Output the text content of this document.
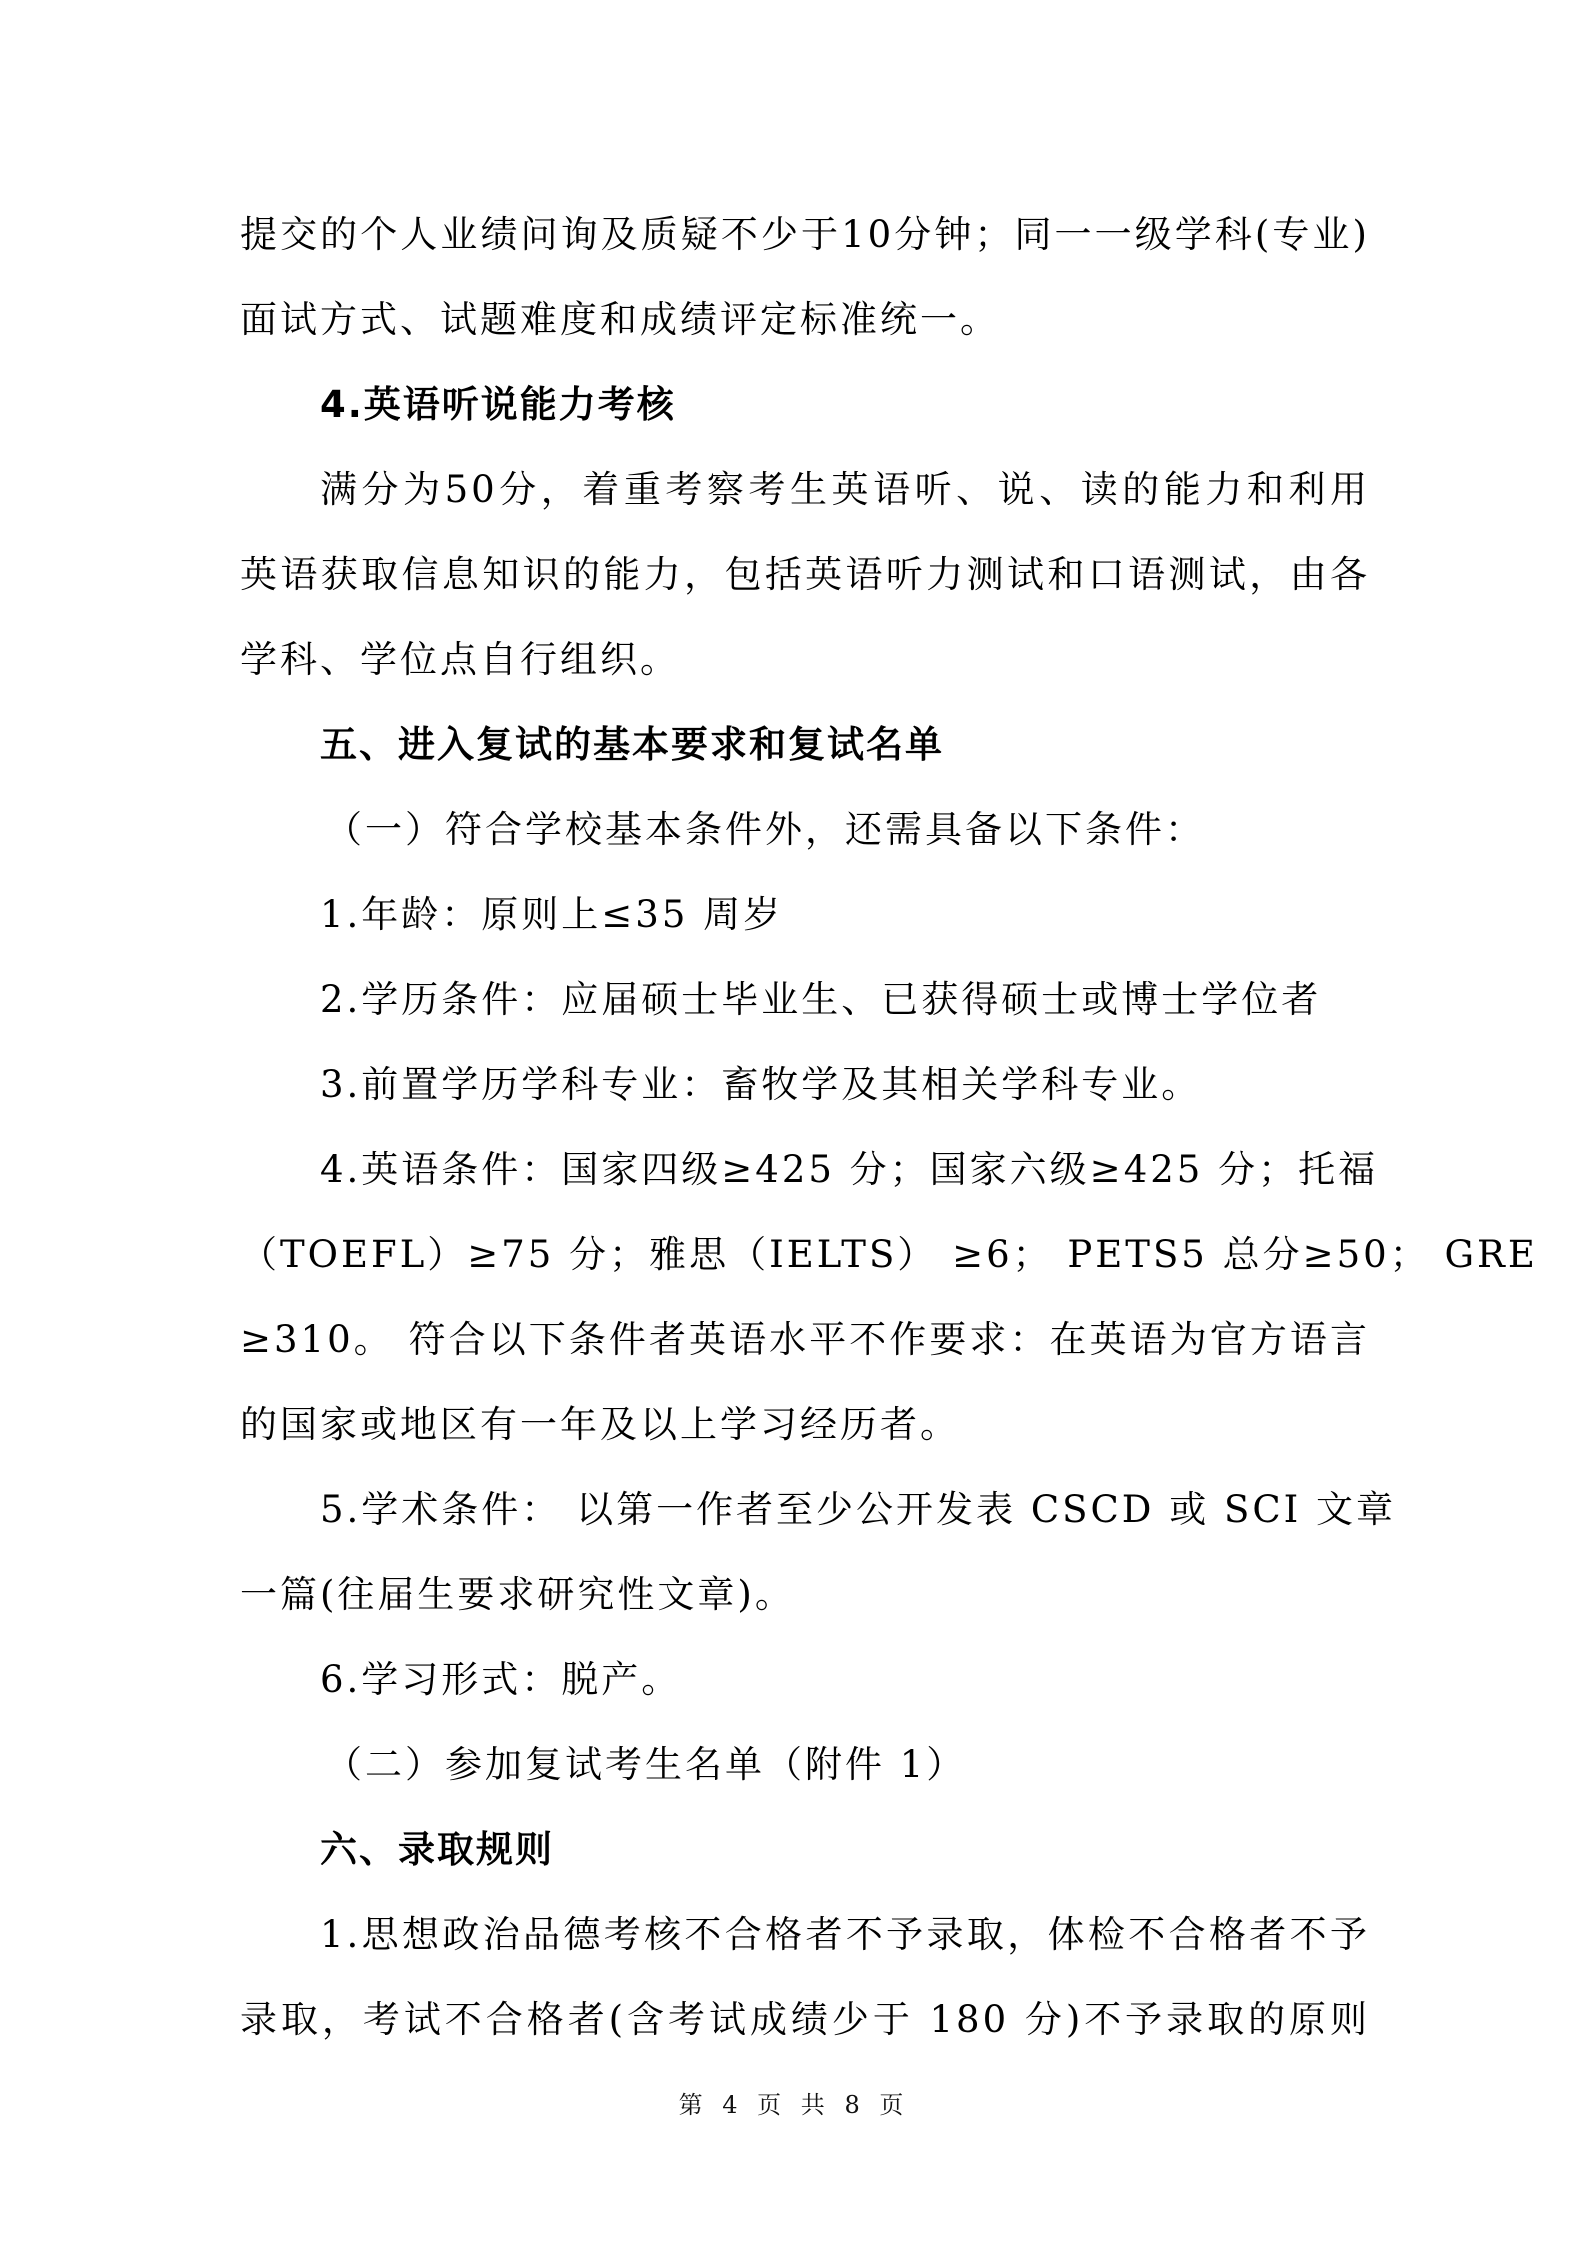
提交的个人业绩问询及质疑不少于10分钟；同一一级学科(专业)
面试方式、试题难度和成绩评定标准统一。
4.英语听说能力考核
满分为50分，着重考察考生英语听、说、读的能力和利用
英语获取信息知识的能力，包括英语听力测试和口语测试，由各
学科、学位点自行组织。
五、进入复试的基本要求和复试名单
（一）符合学校基本条件外，还需具备以下条件：
1.年龄：原则上≤35 周岁
2.学历条件：应届硕士毕业生、已获得硕士或博士学位者
3.前置学历学科专业：畜牧学及其相关学科专业。
4.英语条件：国家四级≥425 分；国家六级≥425 分；托福
（TOEFL）≥75 分；雅思（IELTS） ≥6； PETS5 总分≥50； GRE
≥310。 符合以下条件者英语水平不作要求：在英语为官方语言
的国家或地区有一年及以上学习经历者。
5.学术条件： 以第一作者至少公开发表 CSCD 或 SCI 文章
一篇(往届生要求研究性文章)。
6.学习形式：脱产。
（二）参加复试考生名单（附件 1）
六、录取规则
1.思想政治品德考核不合格者不予录取，体检不合格者不予
录取，考试不合格者(含考试成绩少于 180 分)不予录取的原则
第 4 页 共 8 页
